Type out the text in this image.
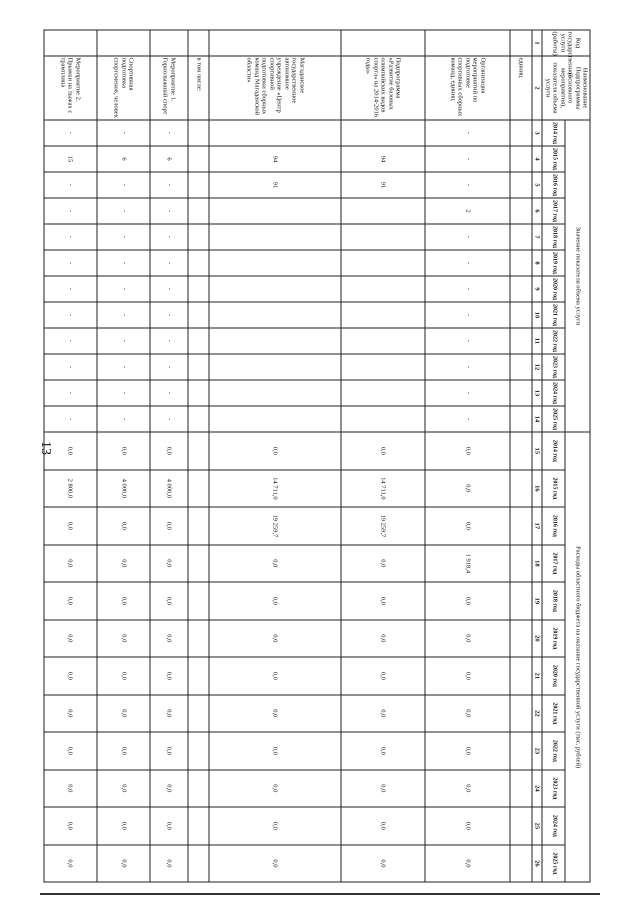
13
Код государственной услуги (работы)	Наименование Подпрограммы (основного мероприятия), показателя объема услуги	Значение показателя объема услуги												Расходы областного бюджета на оказание государственной услуги (тыс. рублей)											
		2014 год	2015 год	2016 год	2017 год	2018 год	2019 год	2020 год	2021 год	2022 год	2023 год	2024 год	2025 год	2014 год	2015 год	2016 год	2017 год	2018 год	2019 год	2020 год	2021 год	2022 год	2023 год	2024 год	2025 год
1	2	3	4	5	6	7	8	9	10	11	12	13	14	15	16	17	18	19	20	21	22	23	24	25	26
	единиц																								
	Организация мероприятий по подготовке спортивных сборных команд, единиц	-	-	-	2	-	-	-	-	-	-	-	-	0,0	0,0	0,0	1 918,4	0,0	0,0	0,0	0,0	0,0	0,0	0,0	0,0
	Подпрограмма «Развитие базовых олимпийских видов спорта» на 2014-2016 годы»		94	91										0,0	14 711,0	19 259,7	0,0	0,0	0,0	0,0	0,0	0,0	0,0	0,0	0,0
	Магаданское государственное автономное учреждение «Центр спортивной подготовки сборных команд Магаданской области»		94	91										0,0	14 711,0	19 259,7	0,0	0,0	0,0	0,0	0,0	0,0	0,0	0,0	0,0
	в том числе:																								
	Мероприятие 1. Горнолыжный спорт	-	6	-	-	-	-	-	-	-	-	-	-	0,0	4 000,0	0,0	0,0	0,0	0,0	0,0	0,0	0,0	0,0	0,0	0,0
	Спортивная подготовка спортсменов, человек	-	6	-	-	-	-	-	-	-	-	-	-	0,0	4 000,0	0,0	0,0	0,0	0,0	0,0	0,0	0,0	0,0	0,0	0,0
	Мероприятие 2. Прыжки на лыжах с трамплина	-	15	-	-	-	-	-	-	-	-	-	-	0,0	2 800,0	0,0	0,0	0,0	0,0	0,0	0,0	0,0	0,0	0,0	0,0
